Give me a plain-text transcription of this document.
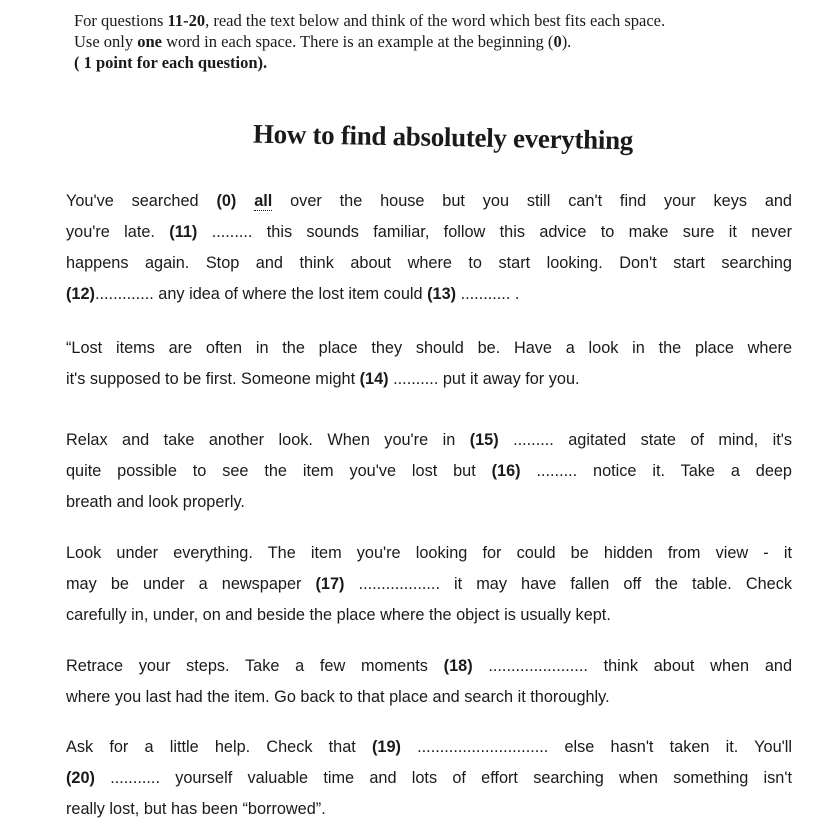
For questions 11-20, read the text below and think of the word which best fits each space.

Use only one word in each space. There is an example at the beginning (0).

( 1 point for each question).

How to find absolutely everything
You've searched (0) all over the house but you still can't find your keys and
you're late. (11) ......... this sounds familiar, follow this advice to make sure it never
happens again. Stop and think about where to start looking. Don't start searching
(12)............. any idea of where the lost item could (13) ........... .
“Lost items are often in the place they should be. Have a look in the place where
it's supposed to be first. Someone might (14) .......... put it away for you.
Relax and take another look. When you're in (15) ......... agitated state of mind, it's
quite possible to see the item you've lost but (16) ......... notice it. Take a deep
breath and look properly.
Look under everything. The item you're looking for could be hidden from view - it
may be under a newspaper (17) .................. it may have fallen off the table. Check
carefully in, under, on and beside the place where the object is usually kept.
Retrace your steps. Take a few moments (18) ...................... think about when and
where you last had the item. Go back to that place and search it thoroughly.
Ask for a little help. Check that (19) ............................. else hasn't taken it. You'll
(20) ........... yourself valuable time and lots of effort searching when something isn't
really lost, but has been “borrowed”.
